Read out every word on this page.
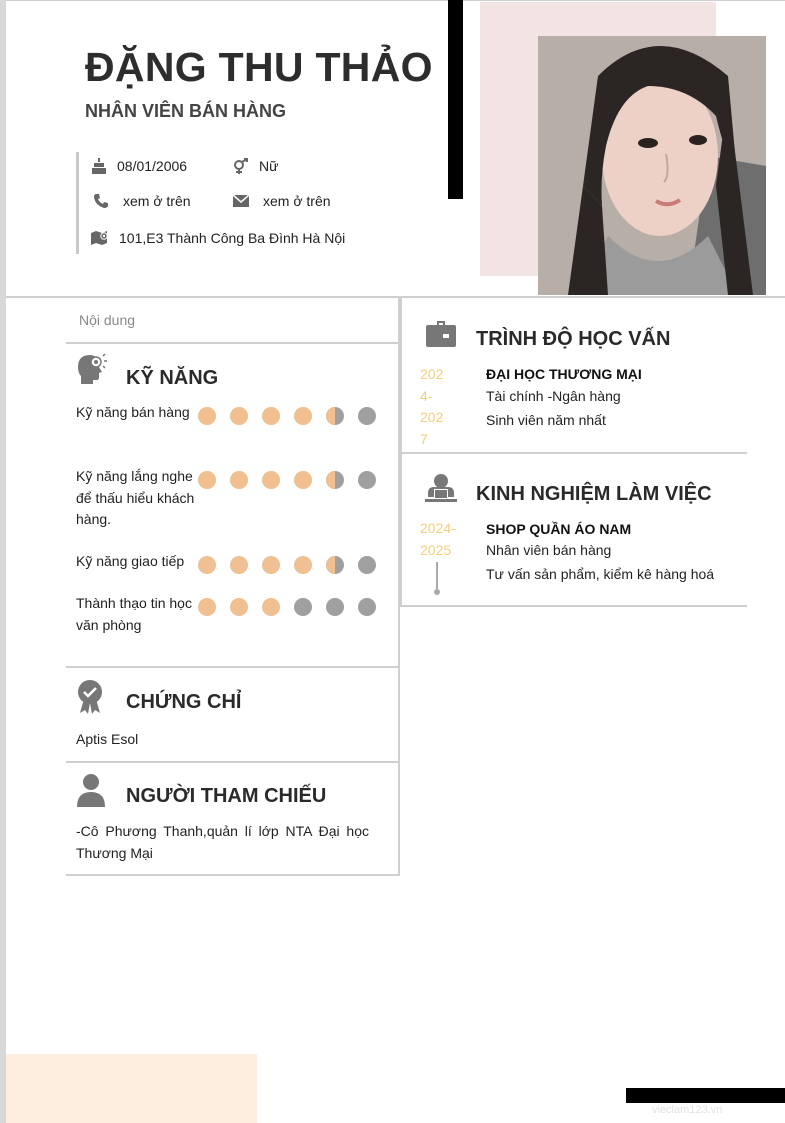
ĐẶNG THU THẢO
NHÂN VIÊN BÁN HÀNG
08/01/2006	Nữ
xem ở trên	xem ở trên
101,E3 Thành Công Ba Đình Hà Nội
Nội dung
KỸ NĂNG
Kỹ năng bán hàng
Kỹ năng lắng nghe để thấu hiểu khách hàng.
Kỹ năng giao tiếp
Thành thạo tin học văn phòng
CHỨNG CHỈ
Aptis Esol
NGƯỜI THAM CHIẾU
-Cô Phương Thanh,quản lí lớp NTA Đại học Thương Mại
TRÌNH ĐỘ HỌC VẤN
202
4-
202
7
ĐẠI HỌC THƯƠNG MẠI
Tài chính -Ngân hàng
Sinh viên năm nhất
KINH NGHIỆM LÀM VIỆC
2024-
2025
SHOP QUẦN ÁO NAM
Nhân viên bán hàng
Tư vấn sản phẩm, kiểm kê hàng hoá
vieclam123.vn
